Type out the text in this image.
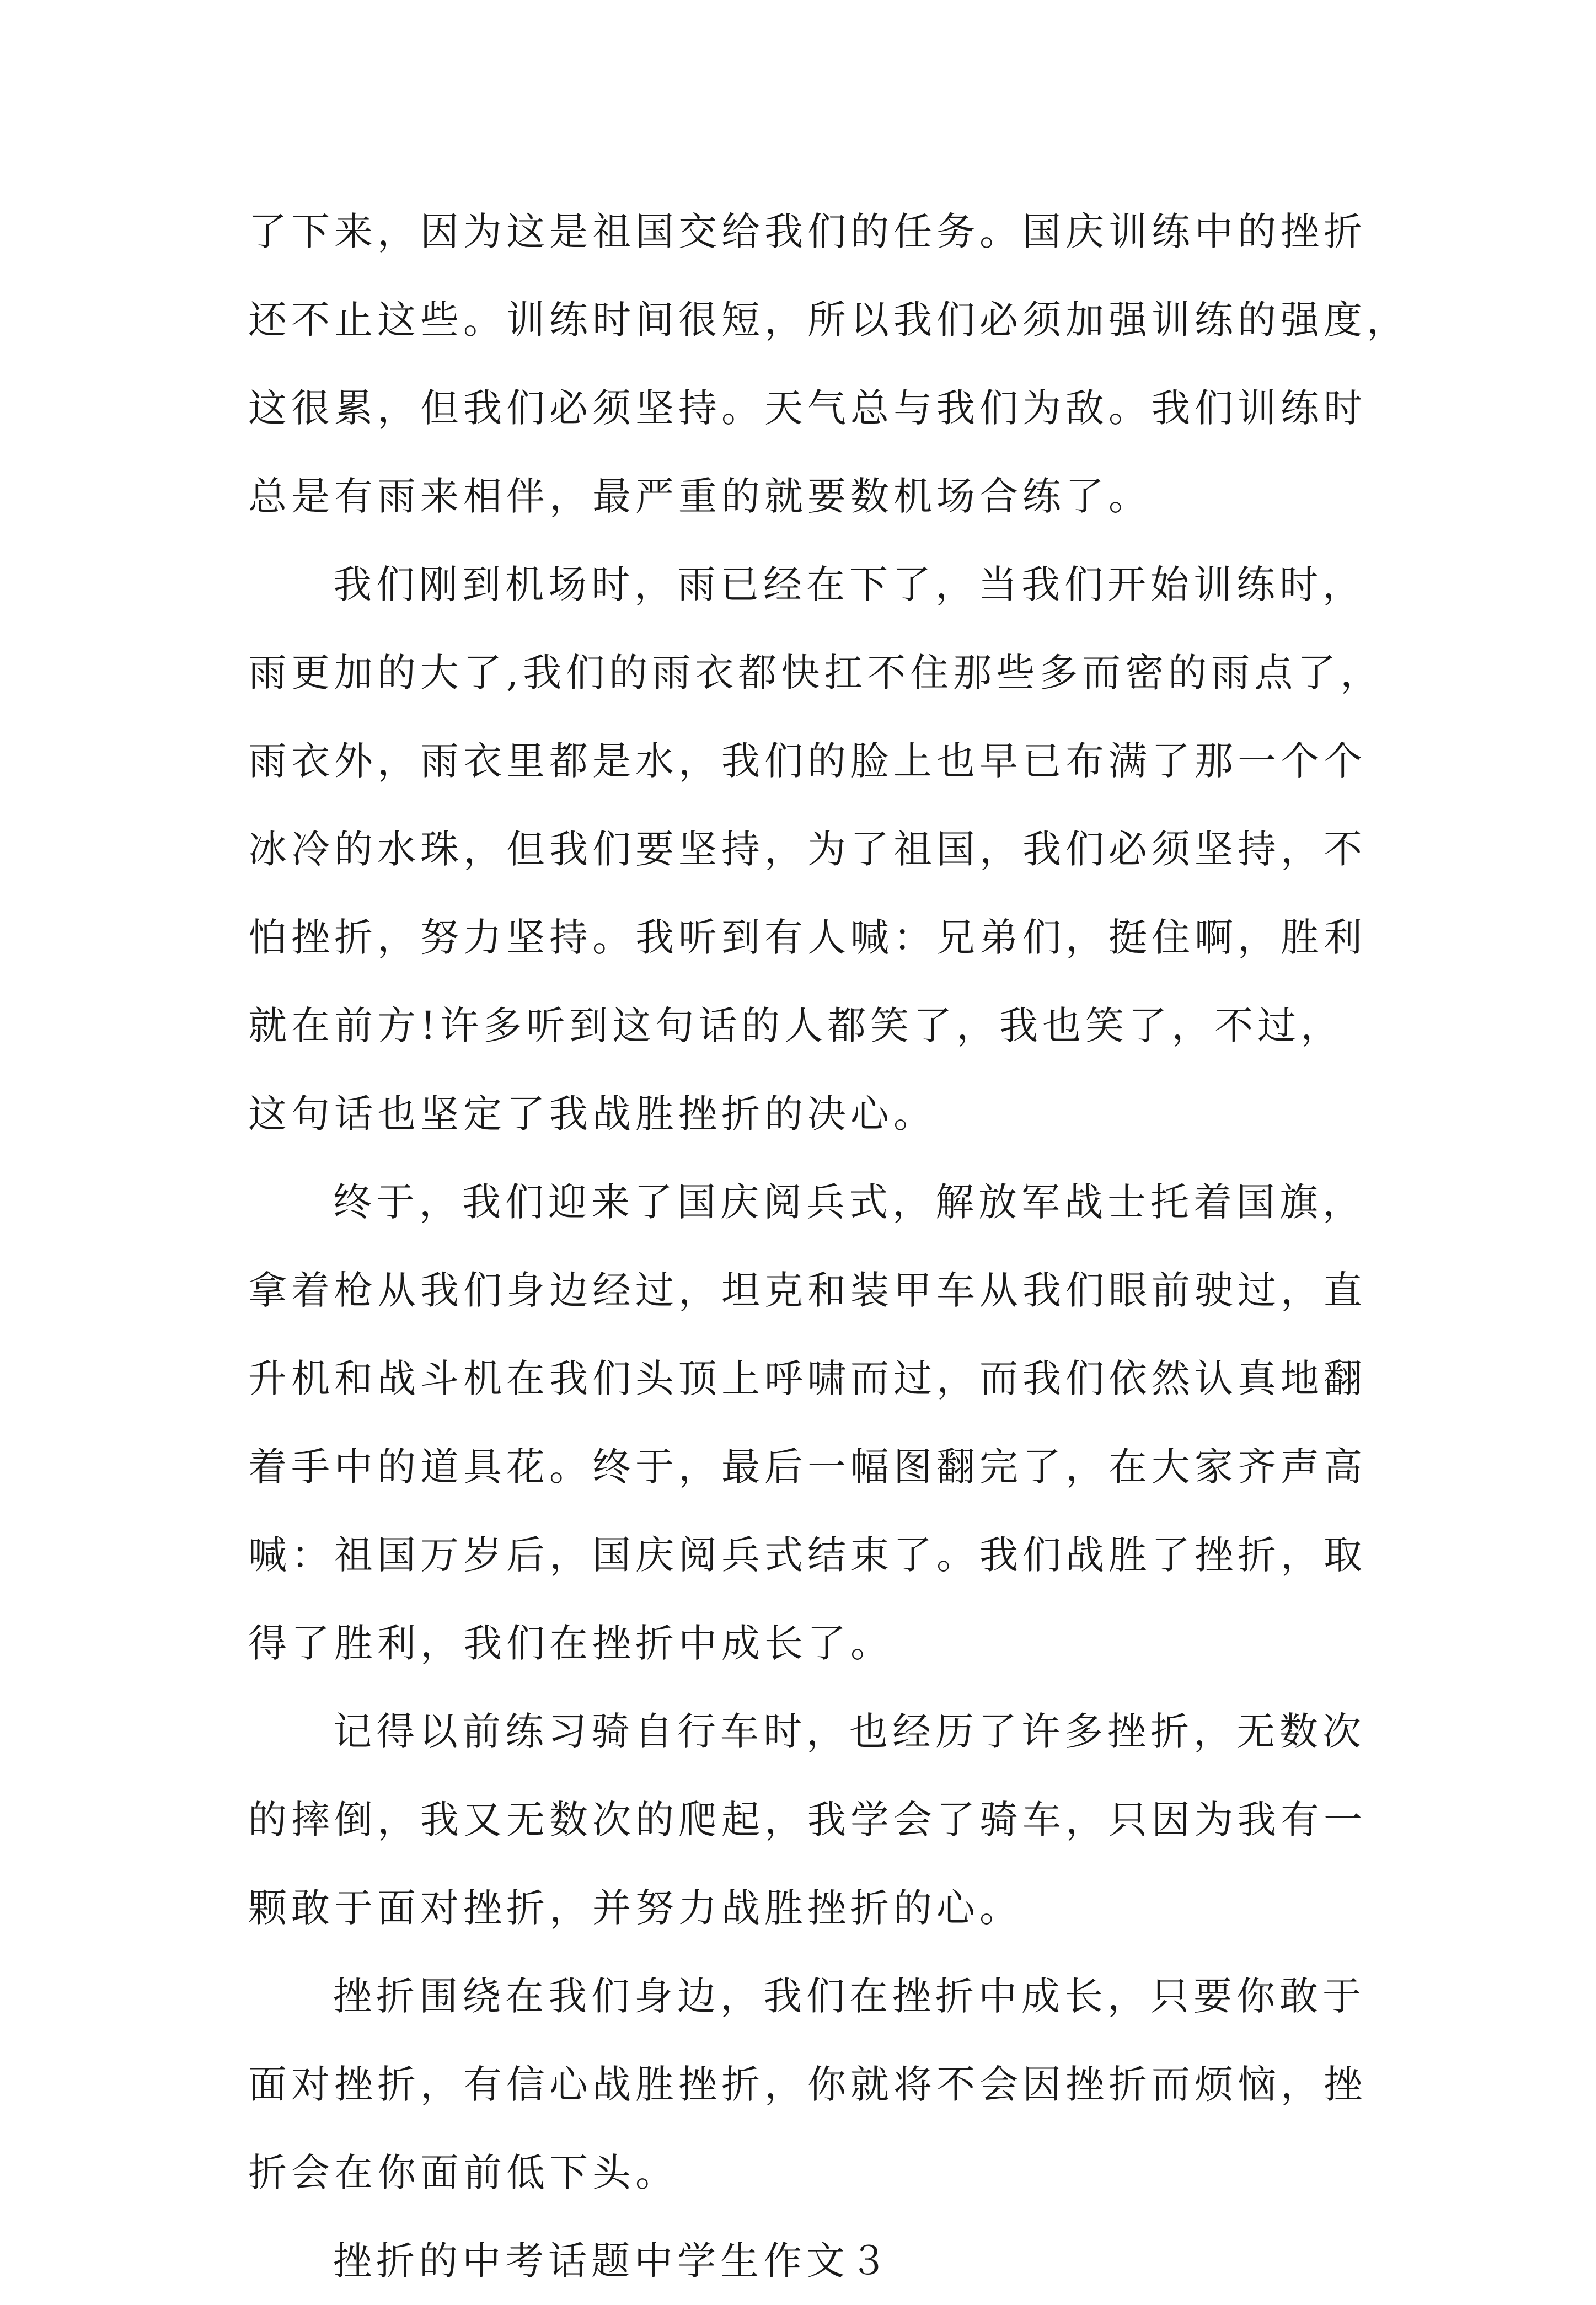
了下来，因为这是祖国交给我们的任务。国庆训练中的挫折
还不止这些。训练时间很短，所以我们必须加强训练的强度，
这很累，但我们必须坚持。天气总与我们为敌。我们训练时
总是有雨来相伴，最严重的就要数机场合练了。
我们刚到机场时，雨已经在下了，当我们开始训练时，
雨更加的大了,我们的雨衣都快扛不住那些多而密的雨点了，
雨衣外，雨衣里都是水，我们的脸上也早已布满了那一个个
冰冷的水珠，但我们要坚持，为了祖国，我们必须坚持，不
怕挫折，努力坚持。我听到有人喊：兄弟们，挺住啊，胜利
就在前方!许多听到这句话的人都笑了，我也笑了，不过，
这句话也坚定了我战胜挫折的决心。
终于，我们迎来了国庆阅兵式，解放军战士托着国旗，
拿着枪从我们身边经过，坦克和装甲车从我们眼前驶过，直
升机和战斗机在我们头顶上呼啸而过，而我们依然认真地翻
着手中的道具花。终于，最后一幅图翻完了，在大家齐声高
喊：祖国万岁后，国庆阅兵式结束了。我们战胜了挫折，取
得了胜利，我们在挫折中成长了。
记得以前练习骑自行车时，也经历了许多挫折，无数次
的摔倒，我又无数次的爬起，我学会了骑车，只因为我有一
颗敢于面对挫折，并努力战胜挫折的心。
挫折围绕在我们身边，我们在挫折中成长，只要你敢于
面对挫折，有信心战胜挫折，你就将不会因挫折而烦恼，挫
折会在你面前低下头。
挫折的中考话题中学生作文３
